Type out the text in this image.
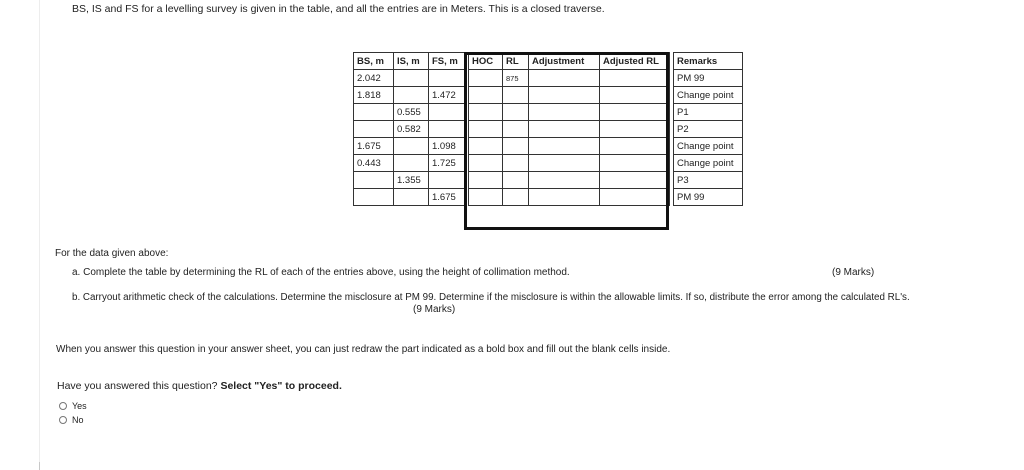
BS, IS and FS for a levelling survey is given in the table, and all the entries are in Meters. This is a closed traverse.
BS, m	IS, m	FS, m		HOC	RL	Adjustment	Adjusted RL		Remarks
2.042					875				PM 99
1.818		1.472							Change point
	0.555								P1
	0.582								P2
1.675		1.098							Change point
0.443		1.725							Change point
	1.355								P3
		1.675							PM 99
For the data given above:
a. Complete the table by determining the RL of each of the entries above, using the height of collimation method.	(9 Marks)
b. Carryout arithmetic check of the calculations. Determine the misclosure at PM 99. Determine if the misclosure is within the allowable limits. If so, distribute the error among the calculated RL's.
(9 Marks)
When you answer this question in your answer sheet, you can just redraw the part indicated as a bold box and fill out the blank cells inside.
Have you answered this question? Select "Yes" to proceed.
Yes
No
